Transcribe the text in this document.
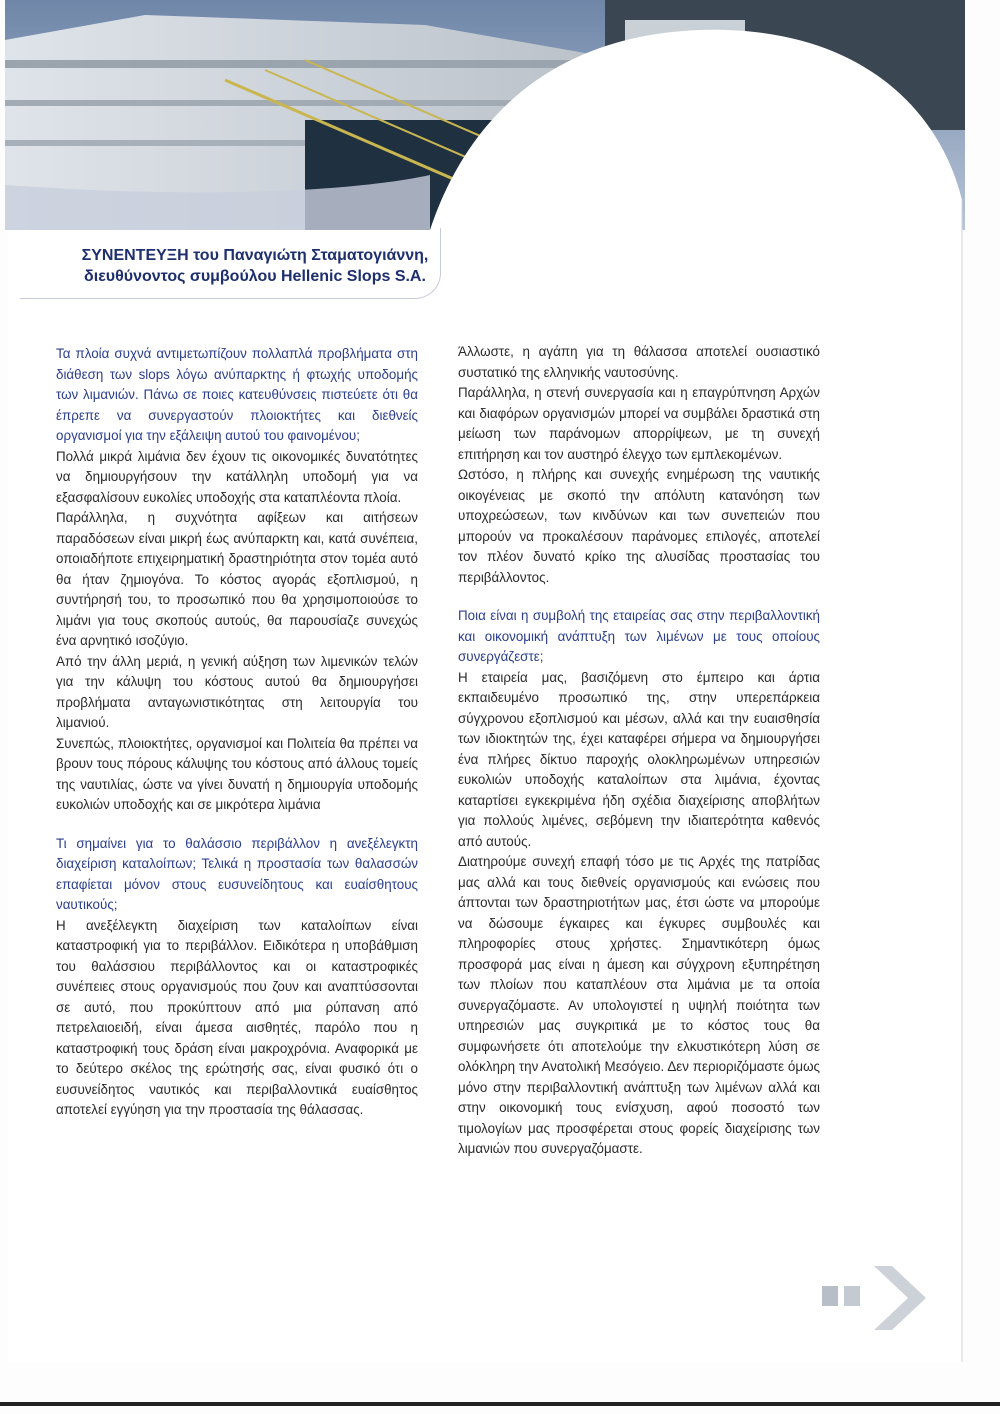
ΣΥΝΕΝΤΕΥΞΗ του Παναγιώτη Σταματογιάννη,
διευθύνοντος συμβούλου Hellenic Slops S.A.

Τα πλοία συχνά αντιμετωπίζουν πολλαπλά προβλήματα στη διάθεση των slops λόγω ανύπαρκτης ή φτωχής υποδομής των λιμανιών. Πάνω σε ποιες κατευθύνσεις πιστεύετε ότι θα έπρεπε να συνεργαστούν πλοιοκτήτες και διεθνείς οργανισμοί για την εξάλειψη αυτού του φαινομένου;

Πολλά μικρά λιμάνια δεν έχουν τις οικονομικές δυνατότητες να δημιουργήσουν την κατάλληλη υποδομή για να εξασφαλίσουν ευκολίες υποδοχής στα καταπλέοντα πλοία.

Παράλληλα, η συχνότητα αφίξεων και αιτήσεων παραδόσεων είναι μικρή έως ανύπαρκτη και, κατά συνέπεια, οποιαδήποτε επιχειρηματική δραστηριότητα στον τομέα αυτό θα ήταν ζημιογόνα. Το κόστος αγοράς εξοπλισμού, η συντήρησή του, το προσωπικό που θα χρησιμοποιούσε το λιμάνι για τους σκοπούς αυτούς, θα παρουσίαζε συνεχώς ένα αρνητικό ισοζύγιο.

Από την άλλη μεριά, η γενική αύξηση των λιμενικών τελών για την κάλυψη του κόστους αυτού θα δημιουργήσει προβλήματα ανταγωνιστικότητας στη λειτουργία του λιμανιού.

Συνεπώς, πλοιοκτήτες, οργανισμοί και Πολιτεία θα πρέπει να βρουν τους πόρους κάλυψης του κόστους από άλλους τομείς της ναυτιλίας, ώστε να γίνει δυνατή η δημιουργία υποδομής ευκολιών υποδοχής και σε μικρότερα λιμάνια

Τι σημαίνει για το θαλάσσιο περιβάλλον η ανεξέλεγκτη διαχείριση καταλοίπων; Τελικά η προστασία των θαλασσών επαφίεται μόνον στους ευσυνείδητους και ευαίσθητους ναυτικούς;

Η ανεξέλεγκτη διαχείριση των καταλοίπων είναι καταστροφική για το περιβάλλον. Ειδικότερα η υποβάθμιση του θαλάσσιου περιβάλλοντος και οι καταστροφικές συνέπειες στους οργανισμούς που ζουν και αναπτύσσονται σε αυτό, που προκύπτουν από μια ρύπανση από πετρελαιοειδή, είναι άμεσα αισθητές, παρόλο που η καταστροφική τους δράση είναι μακροχρόνια. Αναφορικά με το δεύτερο σκέλος της ερώτησής σας, είναι φυσικό ότι ο ευσυνείδητος ναυτικός και περιβαλλοντικά ευαίσθητος αποτελεί εγγύηση για την προστασία της θάλασσας.

Άλλωστε, η αγάπη για τη θάλασσα αποτελεί ουσιαστικό συστατικό της ελληνικής ναυτοσύνης.

Παράλληλα, η στενή συνεργασία και η επαγρύπνηση Αρχών και διαφόρων οργανισμών μπορεί να συμβάλει δραστικά στη μείωση των παράνομων απορρίψεων, με τη συνεχή επιτήρηση και τον αυστηρό έλεγχο των εμπλεκομένων.

Ωστόσο, η πλήρης και συνεχής ενημέρωση της ναυτικής οικογένειας με σκοπό την απόλυτη κατανόηση των υποχρεώσεων, των κινδύνων και των συνεπειών που μπορούν να προκαλέσουν παράνομες επιλογές, αποτελεί τον πλέον δυνατό κρίκο της αλυσίδας προστασίας του περιβάλλοντος.

Ποια είναι η συμβολή της εταιρείας σας στην περιβαλλοντική και οικονομική ανάπτυξη των λιμένων με τους οποίους συνεργάζεστε;

Η εταιρεία μας, βασιζόμενη στο έμπειρο και άρτια εκπαιδευμένο προσωπικό της, στην υπερεπάρκεια σύγχρονου εξοπλισμού και μέσων, αλλά και την ευαισθησία των ιδιοκτητών της, έχει καταφέρει σήμερα να δημιουργήσει ένα πλήρες δίκτυο παροχής ολοκληρωμένων υπηρεσιών ευκολιών υποδοχής καταλοίπων στα λιμάνια, έχοντας καταρτίσει εγκεκριμένα ήδη σχέδια διαχείρισης αποβλήτων για πολλούς λιμένες, σεβόμενη την ιδιαιτερότητα καθενός από αυτούς.

Διατηρούμε συνεχή επαφή τόσο με τις Αρχές της πατρίδας μας αλλά και τους διεθνείς οργανισμούς και ενώσεις που άπτονται των δραστηριοτήτων μας, έτσι ώστε να μπορούμε να δώσουμε έγκαιρες και έγκυρες συμβουλές και πληροφορίες στους χρήστες. Σημαντικότερη όμως προσφορά μας είναι η άμεση και σύγχρονη εξυπηρέτηση των πλοίων που καταπλέουν στα λιμάνια με τα οποία συνεργαζόμαστε. Αν υπολογιστεί η υψηλή ποιότητα των υπηρεσιών μας συγκριτικά με το κόστος τους θα συμφωνήσετε ότι αποτελούμε την ελκυστικότερη λύση σε ολόκληρη την Ανατολική Μεσόγειο. Δεν περιοριζόμαστε όμως μόνο στην περιβαλλοντική ανάπτυξη των λιμένων αλλά και στην οικονομική τους ενίσχυση, αφού ποσοστό των τιμολογίων μας προσφέρεται στους φορείς διαχείρισης των λιμανιών που συνεργαζόμαστε.
